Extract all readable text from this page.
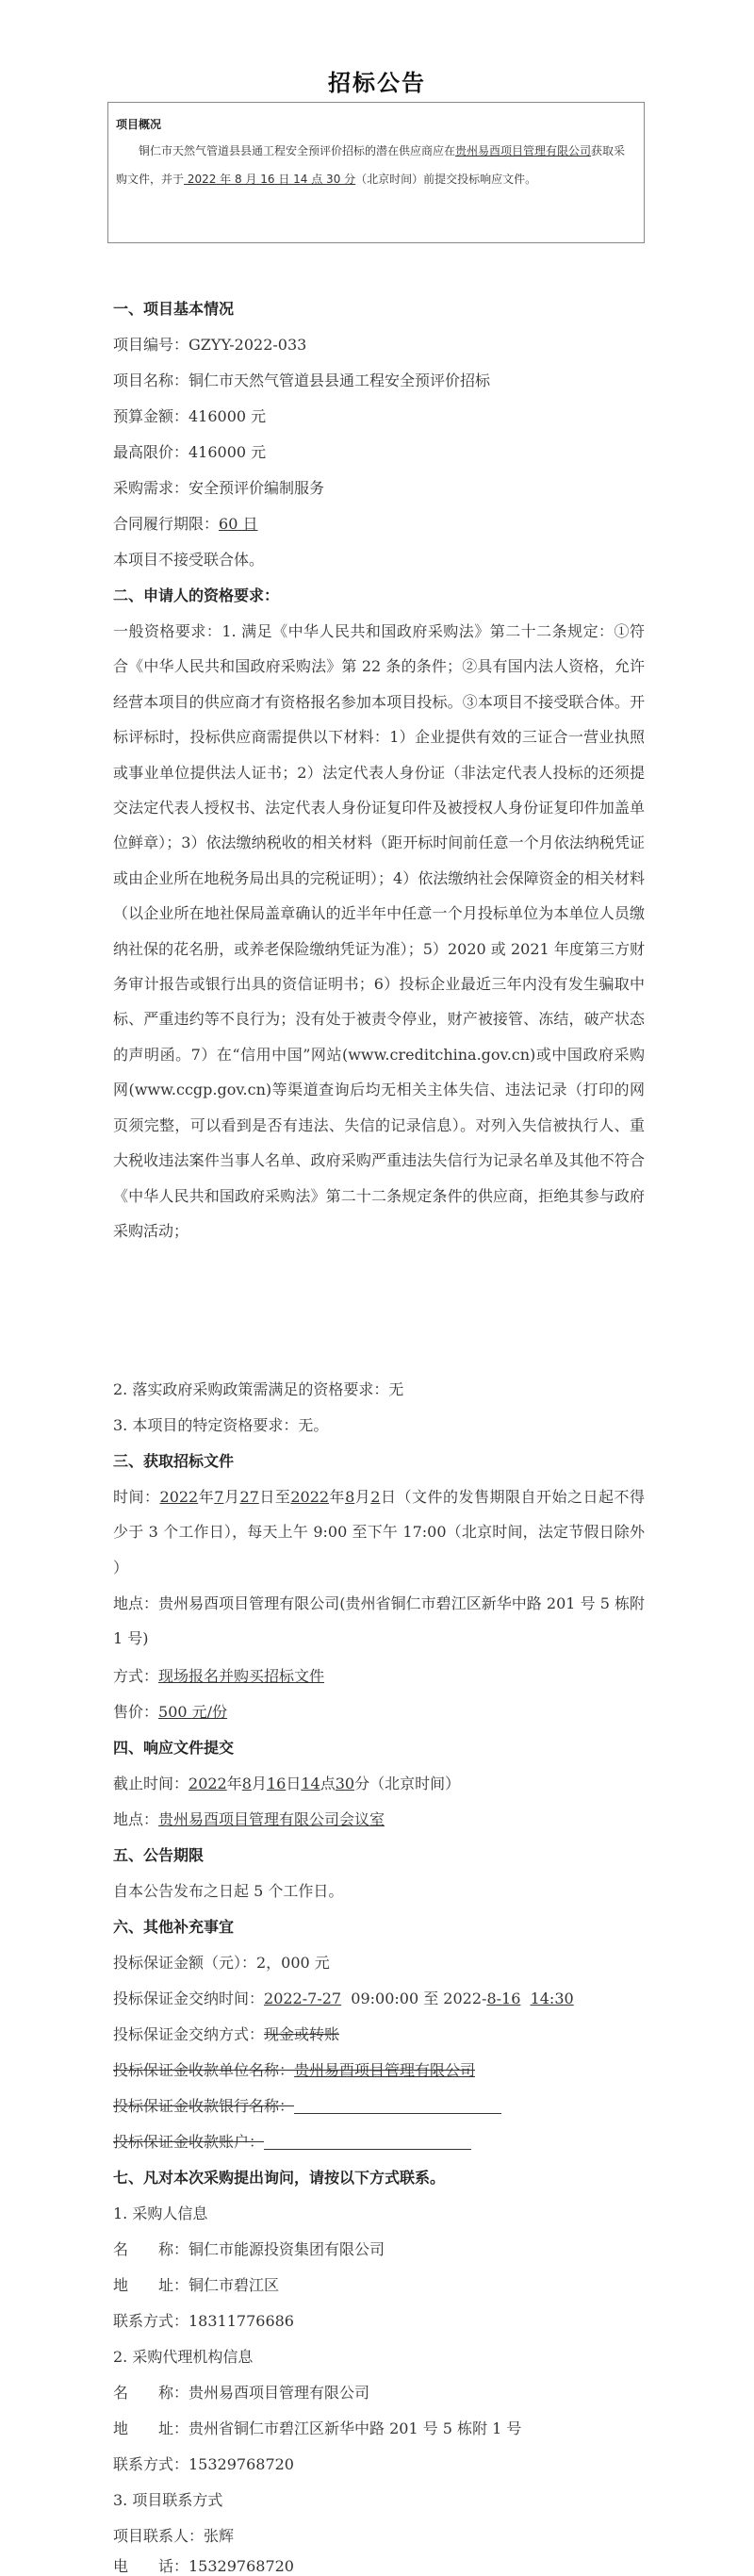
招标公告
项目概况
铜仁市天然气管道县县通工程安全预评价招标的潜在供应商应在贵州易酉项目管理有限公司获取采购文件，并于 2022 年 8 月 16 日 14 点 30 分（北京时间）前提交投标响应文件。
一、项目基本情况
项目编号：GZYY-2022-033
项目名称：铜仁市天然气管道县县通工程安全预评价招标
预算金额：416000 元
最高限价：416000 元
采购需求：安全预评价编制服务
合同履行期限：60 日
本项目不接受联合体。
二、申请人的资格要求：
一般资格要求：1. 满足《中华人民共和国政府采购法》第二十二条规定：①符合《中华人民共和国政府采购法》第 22 条的条件；②具有国内法人资格，允许经营本项目的供应商才有资格报名参加本项目投标。③本项目不接受联合体。开标评标时，投标供应商需提供以下材料：1）企业提供有效的三证合一营业执照或事业单位提供法人证书；2）法定代表人身份证（非法定代表人投标的还须提交法定代表人授权书、法定代表人身份证复印件及被授权人身份证复印件加盖单位鲜章）；3）依法缴纳税收的相关材料（距开标时间前任意一个月依法纳税凭证或由企业所在地税务局出具的完税证明）；4）依法缴纳社会保障资金的相关材料（以企业所在地社保局盖章确认的近半年中任意一个月投标单位为本单位人员缴纳社保的花名册，或养老保险缴纳凭证为准）；5）2020 或 2021 年度第三方财务审计报告或银行出具的资信证明书；6）投标企业最近三年内没有发生骗取中标、严重违约等不良行为；没有处于被责令停业，财产被接管、冻结，破产状态的声明函。7）在“信用中国”网站(www.creditchina.gov.cn)或中国政府采购网(www.ccgp.gov.cn)等渠道查询后均无相关主体失信、违法记录（打印的网页须完整，可以看到是否有违法、失信的记录信息）。对列入失信被执行人、重大税收违法案件当事人名单、政府采购严重违法失信行为记录名单及其他不符合《中华人民共和国政府采购法》第二十二条规定条件的供应商，拒绝其参与政府采购活动；
2. 落实政府采购政策需满足的资格要求：无
3. 本项目的特定资格要求：无。
三、获取招标文件
时间：2022年7月27日至2022年8月2日（文件的发售期限自开始之日起不得少于 3 个工作日），每天上午 9:00 至下午 17:00（北京时间，法定节假日除外 ）
地点：贵州易酉项目管理有限公司(贵州省铜仁市碧江区新华中路 201 号 5 栋附 1 号)
方式：现场报名并购买招标文件
售价：500 元/份
四、响应文件提交
截止时间：2022年8月16日14点30分（北京时间）
地点：贵州易酉项目管理有限公司会议室
五、公告期限
自本公告发布之日起 5 个工作日。
六、其他补充事宜
投标保证金额（元）：2，000 元
投标保证金交纳时间：2022-7-27 09:00:00 至 2022-8-16 14:30
投标保证金交纳方式：现金或转账
投标保证金收款单位名称：贵州易酉项目管理有限公司
投标保证金收款银行名称：
投标保证金收款账户：
七、凡对本次采购提出询问，请按以下方式联系。
1. 采购人信息
名　　称：铜仁市能源投资集团有限公司
地　　址：铜仁市碧江区
联系方式：18311776686
2. 采购代理机构信息
名　　称：贵州易酉项目管理有限公司
地　　址：贵州省铜仁市碧江区新华中路 201 号 5 栋附 1 号
联系方式：15329768720
3. 项目联系方式
项目联系人：张辉
电　　话：15329768720
